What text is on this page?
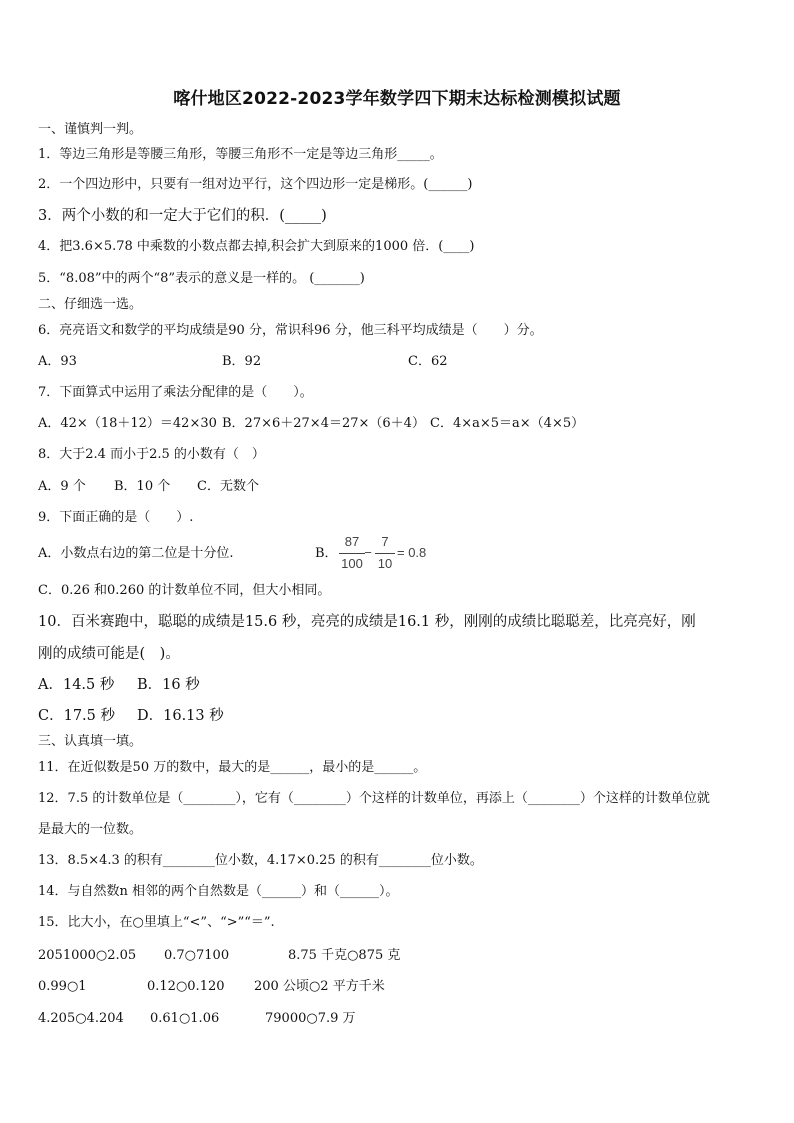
喀什地区2022-2023学年数学四下期末达标检测模拟试题
一、谨慎判一判。
1．等边三角形是等腰三角形，等腰三角形不一定是等边三角形_____。
2．一个四边形中，只要有一组对边平行，这个四边形一定是梯形。(______)
3．两个小数的和一定大于它们的积．(_____)
4．把3.6×5.78 中乘数的小数点都去掉,积会扩大到原来的1000 倍．(____)
5．“8.08”中的两个“8”表示的意义是一样的。 (_______)
二、仔细选一选。
6．亮亮语文和数学的平均成绩是90 分，常识科96 分，他三科平均成绩是（　　）分。
A．93	B．92	C．62
7．下面算式中运用了乘法分配律的是（　　）。
A．42×（18＋12）＝42×30 B．27×6＋27×4＝27×（6＋4） C．4×a×5＝a×（4×5）
8．大于2.4 而小于2.5 的小数有（　）
A．9 个 B．10 个 C．无数个
9．下面正确的是（　　）.
A．小数点右边的第二位是十分位.	B．
87
100
−
7
10
= 0.8
C．0.26 和0.260 的计数单位不同，但大小相同。
10．百米赛跑中，聪聪的成绩是15.6 秒，亮亮的成绩是16.1 秒，刚刚的成绩比聪聪差，比亮亮好，刚
刚的成绩可能是(　)。
A．14.5 秒 B．16 秒
C．17.5 秒 D．16.13 秒
三、认真填一填。
11．在近似数是50 万的数中，最大的是______，最小的是______。
12．7.5 的计数单位是（________），它有（________）个这样的计数单位，再添上（________）个这样的计数单位就
是最大的一位数。
13．8.5×4.3 的积有________位小数，4.17×0.25 的积有________位小数。
14．与自然数n 相邻的两个自然数是（______）和（______）。
15．比大小，在○里填上“<”、“>”“＝”.
2051000○2.05 0.7○7100	8.75 千克○875 克
0.99○1	0.12○0.120 200 公顷○2 平方千米
4.205○4.204 0.61○1.06	79000○7.9 万
